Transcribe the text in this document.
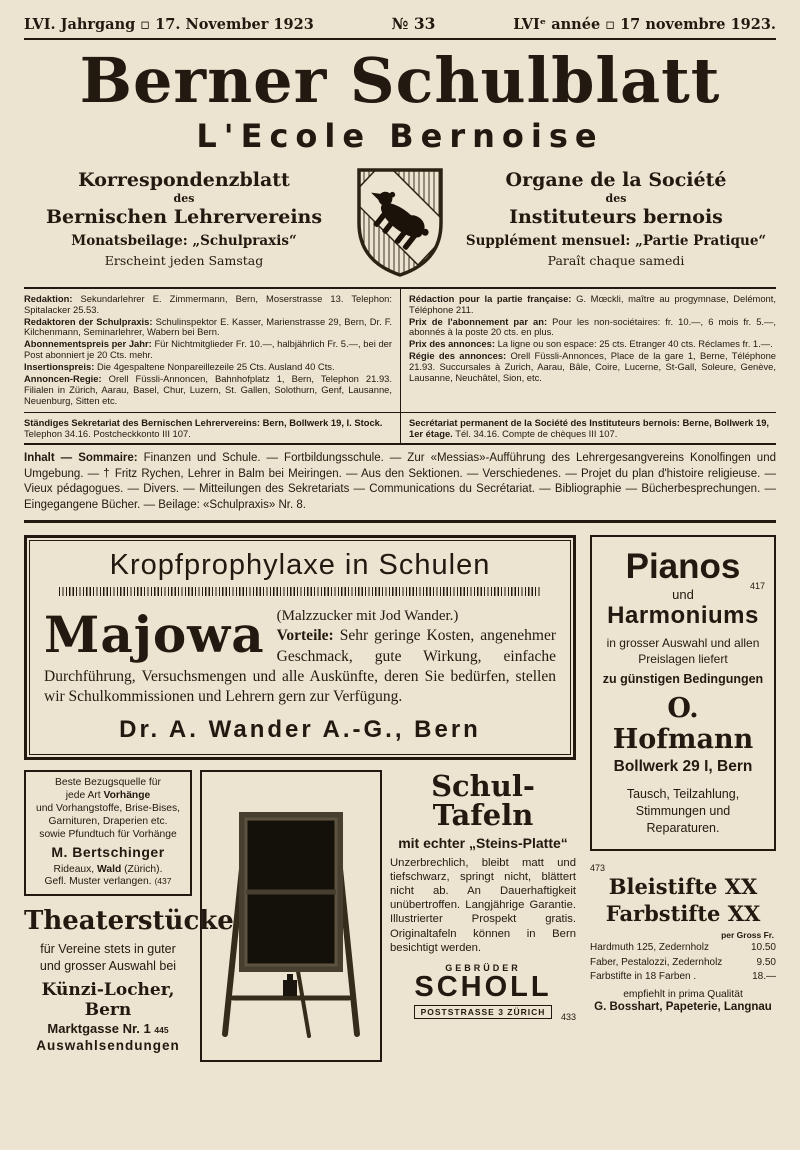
LVI. Jahrgang ▫ 17. November 1923	№ 33	LVIᵉ année ▫ 17 novembre 1923.
Berner Schulblatt
L'Ecole Bernoise
Korrespondenzblatt
des
Bernischen Lehrervereins
Monatsbeilage: „Schulpraxis“
Erscheint jeden Samstag
Organe de la Société
des
Instituteurs bernois
Supplément mensuel: „Partie Pratique“
Paraît chaque samedi

Redaktion: Sekundarlehrer E. Zimmermann, Bern, Moserstrasse 13. Telephon: Spitalacker 25.53.

Redaktoren der Schulpraxis: Schulinspektor E. Kasser, Marienstrasse 29, Bern, Dr. F. Kilchenmann, Seminarlehrer, Wabern bei Bern.

Abonnementspreis per Jahr: Für Nichtmitglieder Fr. 10.—, halbjährlich Fr. 5.—, bei der Post abonniert je 20 Cts. mehr.

Insertionspreis: Die 4gespaltene Nonpareillezeile 25 Cts. Ausland 40 Cts.

Annoncen-Regie: Orell Füssli-Annoncen, Bahnhofplatz 1, Bern, Telephon 21.93. Filialen in Zürich, Aarau, Basel, Chur, Luzern, St. Gallen, Solothurn, Genf, Lausanne, Neuenburg, Sitten etc.

Rédaction pour la partie française: G. Mœckli, maître au progymnase, Delémont, Téléphone 211.

Prix de l'abonnement par an: Pour les non-sociétaires: fr. 10.—, 6 mois fr. 5.—, abonnés à la poste 20 cts. en plus.

Prix des annonces: La ligne ou son espace: 25 cts. Etranger 40 cts. Réclames fr. 1.—.

Régie des annonces: Orell Füssli-Annonces, Place de la gare 1, Berne, Téléphone 21.93. Succursales à Zurich, Aarau, Bâle, Coire, Lucerne, St-Gall, Soleure, Genève, Lausanne, Neuchâtel, Sion, etc.

Ständiges Sekretariat des Bernischen Lehrervereins: Bern, Bollwerk 19, I. Stock. Telephon 34.16. Postcheckkonto III 107.
Secrétariat permanent de la Société des Instituteurs bernois: Berne, Bollwerk 19, 1er étage. Tél. 34.16. Compte de chèques III 107.

Inhalt — Sommaire: Finanzen und Schule. — Fortbildungsschule. — Zur «Messias»-Aufführung des Lehrergesangvereins Konolfingen und Umgebung. — † Fritz Rychen, Lehrer in Balm bei Meiringen. — Aus den Sektionen. — Verschiedenes. — Projet du plan d'histoire religieuse. — Vieux pédagogues. — Divers. — Mitteilungen des Sekretariats — Communications du Secrétariat. — Bibliographie — Bücherbesprechungen. — Eingegangene Bücher. — Beilage: «Schulpraxis» Nr. 8.

Kropfprophylaxe in Schulen
Majowa (Malzzucker mit Jod Wander.)
Vorteile: Sehr geringe Kosten, angenehmer Geschmack, gute Wirkung, einfache Durchführung, Versuchsmengen und alle Auskünfte, deren Sie bedürfen, stellen wir Schulkommissionen und Lehrern gern zur Verfügung.

Dr. A. Wander A.-G., Bern
Beste Bezugsquelle für
jede Art Vorhänge
und Vorhangstoffe, Brise-Bises,
Garnituren, Draperien etc.
sowie Pfundtuch für Vorhänge
M. Bertschinger
Rideaux, Wald (Zürich).
Gefl. Muster verlangen. (437
Theaterstücke
für Vereine stets in guter
und grosser Auswahl bei
Künzi-Locher, Bern
Marktgasse Nr. 1 445
Auswahlsendungen
Schul-Tafeln
mit echter „Steins-Platte“
Unzerbrechlich, bleibt matt und tiefschwarz, springt nicht, blättert nicht ab. An Dauerhaftigkeit unübertroffen. Langjährige Garantie. Illustrierter Prospekt gratis. Originaltafeln können in Bern besichtigt werden.
GEBRÜDER
SCHOLL
POSTSTRASSE 3 ZÜRICH	433
417
Pianos
und
Harmoniums
in grosser Auswahl und allen Preislagen liefert
zu günstigen Bedingungen
O. Hofmann
Bollwerk 29 I, Bern
Tausch, Teilzahlung, Stimmungen und Reparaturen.
473
Bleistifte XX
Farbstifte XX
per Gross Fr.
Hardmuth 125, Zedernholz	10.50
Faber, Pestalozzi, Zedernholz	9.50
Farbstifte in 18 Farben .	18.—
empfiehlt in prima Qualität
G. Bosshart, Papeterie, Langnau
